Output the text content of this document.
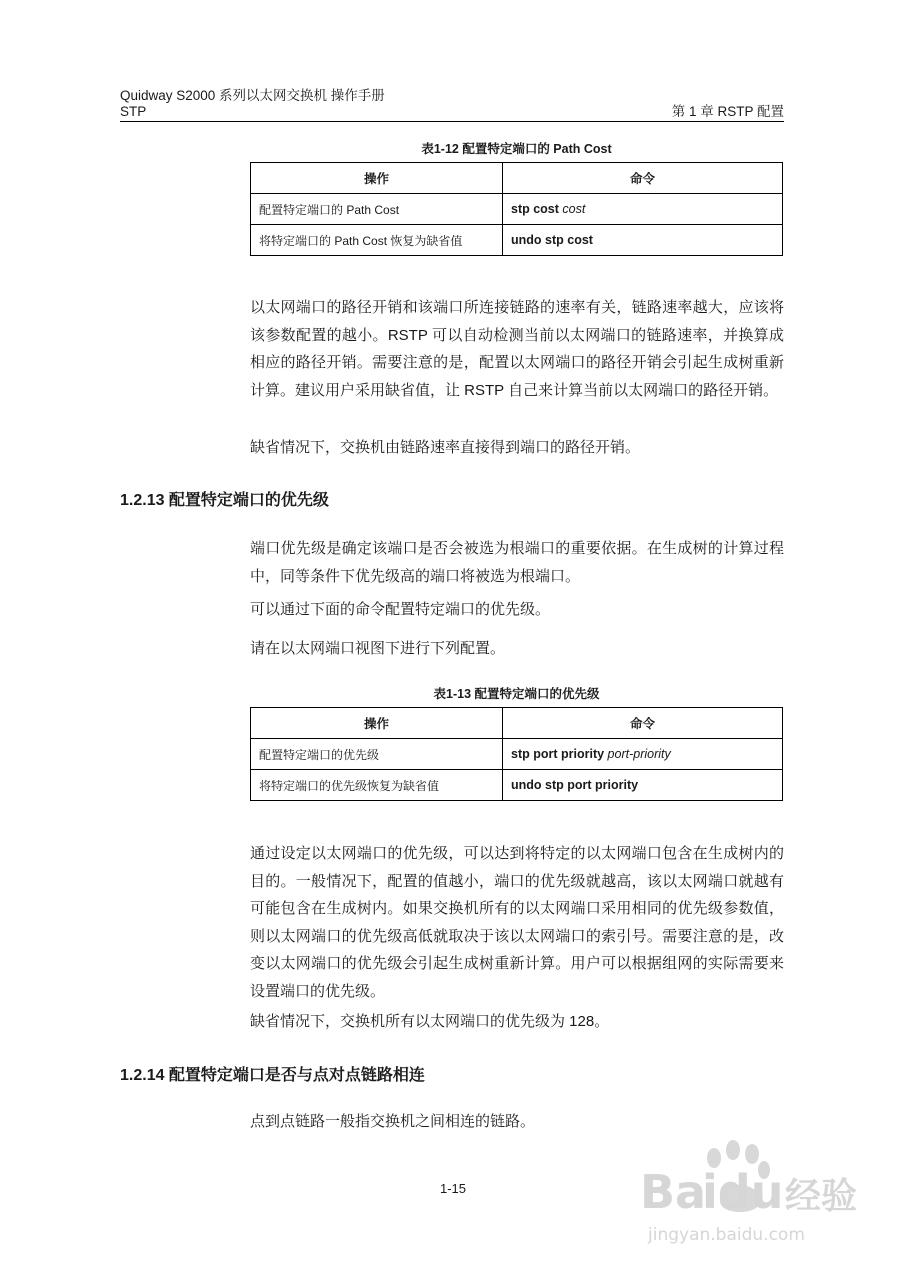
Quidway S2000 系列以太网交换机 操作手册
STP	第 1 章 RSTP 配置
表1-12 配置特定端口的 Path Cost
操作	命令
配置特定端口的 Path Cost	stp cost cost
将特定端口的 Path Cost 恢复为缺省值	undo stp cost
以太网端口的路径开销和该端口所连接链路的速率有关，链路速率越大，应该将该参数配置的越小。RSTP 可以自动检测当前以太网端口的链路速率，并换算成相应的路径开销。需要注意的是，配置以太网端口的路径开销会引起生成树重新计算。建议用户采用缺省值，让 RSTP 自己来计算当前以太网端口的路径开销。
缺省情况下，交换机由链路速率直接得到端口的路径开销。
1.2.13 配置特定端口的优先级
端口优先级是确定该端口是否会被选为根端口的重要依据。在生成树的计算过程中，同等条件下优先级高的端口将被选为根端口。
可以通过下面的命令配置特定端口的优先级。
请在以太网端口视图下进行下列配置。
表1-13 配置特定端口的优先级
操作	命令
配置特定端口的优先级	stp port priority port-priority
将特定端口的优先级恢复为缺省值	undo stp port priority
通过设定以太网端口的优先级，可以达到将特定的以太网端口包含在生成树内的目的。一般情况下，配置的值越小，端口的优先级就越高，该以太网端口就越有可能包含在生成树内。如果交换机所有的以太网端口采用相同的优先级参数值，则以太网端口的优先级高低就取决于该以太网端口的索引号。需要注意的是，改变以太网端口的优先级会引起生成树重新计算。用户可以根据组网的实际需要来设置端口的优先级。
缺省情况下，交换机所有以太网端口的优先级为 128。
1.2.14 配置特定端口是否与点对点链路相连
点到点链路一般指交换机之间相连的链路。
1-15	Ba
idu 经验
jingyan.baidu.com
